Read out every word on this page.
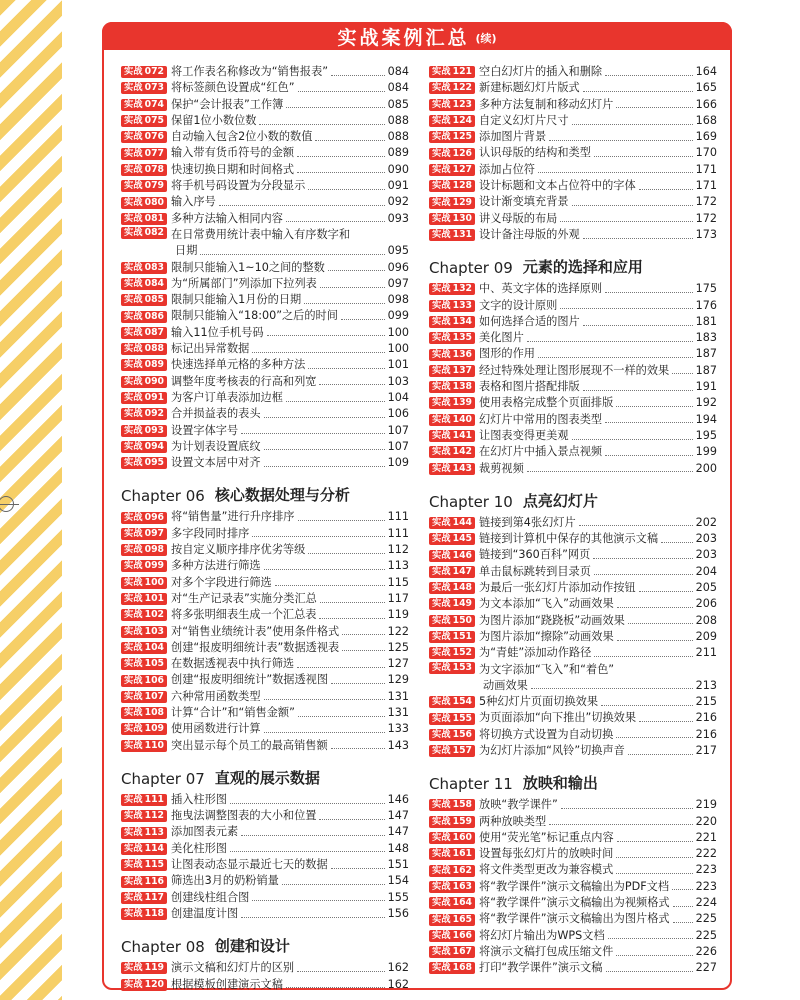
实战案例汇总 (续)
实战 072 将工作表名称修改为“销售报表”	084
实战 073 将标签颜色设置成“红色”	084
实战 074 保护“会计报表”工作簿	085
实战 075 保留1位小数位数	088
实战 076 自动输入包含2位小数的数值	088
实战 077 输入带有货币符号的金额	089
实战 078 快速切换日期和时间格式	090
实战 079 将手机号码设置为分段显示	091
实战 080 输入序号	092
实战 081 多种方法输入相同内容	093
实战 082 在日常费用统计表中输入有序数字和
日期	095
实战 083 限制只能输入1~10之间的整数	096
实战 084 为“所属部门”列添加下拉列表	097
实战 085 限制只能输入1月份的日期	098
实战 086 限制只能输入“18:00”之后的时间	099
实战 087 输入11位手机号码	100
实战 088 标记出异常数据	100
实战 089 快速选择单元格的多种方法	101
实战 090 调整年度考核表的行高和列宽	103
实战 091 为客户订单表添加边框	104
实战 092 合并损益表的表头	106
实战 093 设置字体字号	107
实战 094 为计划表设置底纹	107
实战 095 设置文本居中对齐	109
Chapter 06 核心数据处理与分析
实战 096 将“销售量”进行升序排序	111
实战 097 多字段同时排序	111
实战 098 按自定义顺序排序优劣等级	112
实战 099 多种方法进行筛选	113
实战 100 对多个字段进行筛选	115
实战 101 对“生产记录表”实施分类汇总	117
实战 102 将多张明细表生成一个汇总表	119
实战 103 对“销售业绩统计表”使用条件格式	122
实战 104 创建“报废明细统计表”数据透视表	125
实战 105 在数据透视表中执行筛选	127
实战 106 创建“报废明细统计”数据透视图	129
实战 107 六种常用函数类型	131
实战 108 计算“合计”和“销售金额”	131
实战 109 使用函数进行计算	133
实战 110 突出显示每个员工的最高销售额	143
Chapter 07 直观的展示数据
实战 111 插入柱形图	146
实战 112 拖曳法调整图表的大小和位置	147
实战 113 添加图表元素	147
实战 114 美化柱形图	148
实战 115 让图表动态显示最近七天的数据	151
实战 116 筛选出3月的奶粉销量	154
实战 117 创建线柱组合图	155
实战 118 创建温度计图	156
Chapter 08 创建和设计
实战 119 演示文稿和幻灯片的区别	162
实战 120 根据模板创建演示文稿	162
实战 121 空白幻灯片的插入和删除	164
实战 122 新建标题幻灯片版式	165
实战 123 多种方法复制和移动幻灯片	166
实战 124 自定义幻灯片尺寸	168
实战 125 添加图片背景	169
实战 126 认识母版的结构和类型	170
实战 127 添加占位符	171
实战 128 设计标题和文本占位符中的字体	171
实战 129 设计渐变填充背景	172
实战 130 讲义母版的布局	172
实战 131 设计备注母版的外观	173
Chapter 09 元素的选择和应用
实战 132 中、英文字体的选择原则	175
实战 133 文字的设计原则	176
实战 134 如何选择合适的图片	181
实战 135 美化图片	183
实战 136 图形的作用	187
实战 137 经过特殊处理让图形展现不一样的效果 187
实战 138 表格和图片搭配排版	191
实战 139 使用表格完成整个页面排版	192
实战 140 幻灯片中常用的图表类型	194
实战 141 让图表变得更美观	195
实战 142 在幻灯片中插入景点视频	199
实战 143 裁剪视频	200
Chapter 10 点亮幻灯片
实战 144 链接到第4张幻灯片	202
实战 145 链接到计算机中保存的其他演示文稿	203
实战 146 链接到“360百科”网页	203
实战 147 单击鼠标跳转到目录页	204
实战 148 为最后一张幻灯片添加动作按钮	205
实战 149 为文本添加“飞入”动画效果	206
实战 150 为图片添加“跷跷板”动画效果	208
实战 151 为图片添加“擦除”动画效果	209
实战 152 为“青蛙”添加动作路径	211
实战 153 为文字添加“飞入”和“着色”
动画效果	213
实战 154 5种幻灯片页面切换效果	215
实战 155 为页面添加“向下推出”切换效果	216
实战 156 将切换方式设置为自动切换	216
实战 157 为幻灯片添加“风铃”切换声音	217
Chapter 11 放映和输出
实战 158 放映“教学课件”	219
实战 159 两种放映类型	220
实战 160 使用“荧光笔”标记重点内容	221
实战 161 设置每张幻灯片的放映时间	222
实战 162 将文件类型更改为兼容模式	223
实战 163 将“教学课件”演示文稿输出为PDF文档 223
实战 164 将“教学课件”演示文稿输出为视频格式 224
实战 165 将“教学课件”演示文稿输出为图片格式 225
实战 166 将幻灯片输出为WPS文档	225
实战 167 将演示文稿打包成压缩文件	226
实战 168 打印“教学课件”演示文稿	227
